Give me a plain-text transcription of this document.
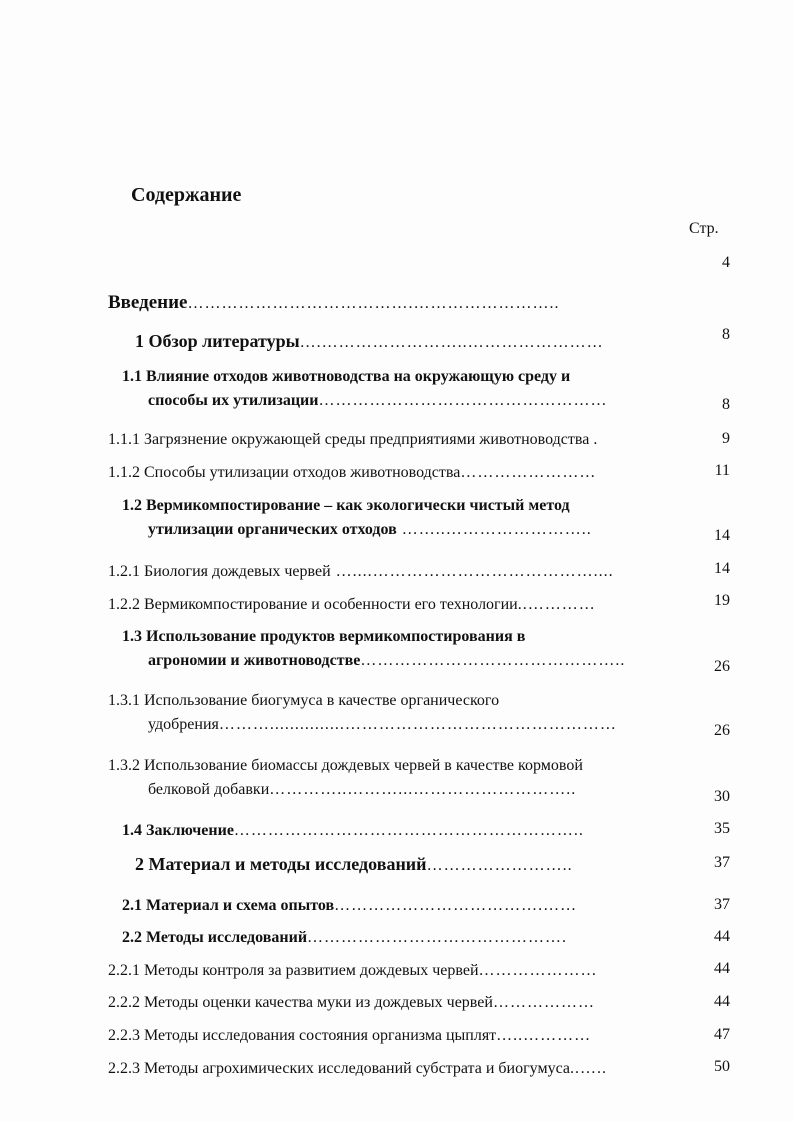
Содержание
Стр.
Введение………………………………….……………………..
1 Обзор литературы….……………………..……………………
1.1 Влияние отходов животноводства на окружающую среду и
способы их утилизации……………………………………………
1.1.1 Загрязнение окружающей среды предприятиями животноводства .
1.1.2 Способы утилизации отходов животноводства……………………
1.2 Вермикомпостирование – как экологически чистый метод
утилизации органических отходов ……..……………………..
1.2.1 Биология дождевых червей …....…………………………………....
1.2.2 Вермикомпостирование и особенности его технологии..…………
1.3 Использование продуктов вермикомпостирования в
агрономии и животноводстве………………………………………..
1.3.1 Использование биогумуса в качестве органического
удобрения………...............…………………………………………
1.3.2 Использование биомассы дождевых червей в качестве кормовой
белковой добавки…………..………...………………………..
1.4 Заключение……………………………………………………..
2 Материал и методы исследований……………………..
2.1 Материал и схема опытов……………………………….……
2.2 Методы исследований……………………………………….
2.2.1 Методы контроля за развитием дождевых червей…………………
2.2.2 Методы оценки качества муки из дождевых червей………………
2.2.3 Методы исследования состояния организма цыплят…..…………
2.2.3 Методы агрохимических исследований субстрата и биогумуса..…..
4
8
8
9
11
14
14
19
26
26
30
35
37
37
44
44
44
47
50
